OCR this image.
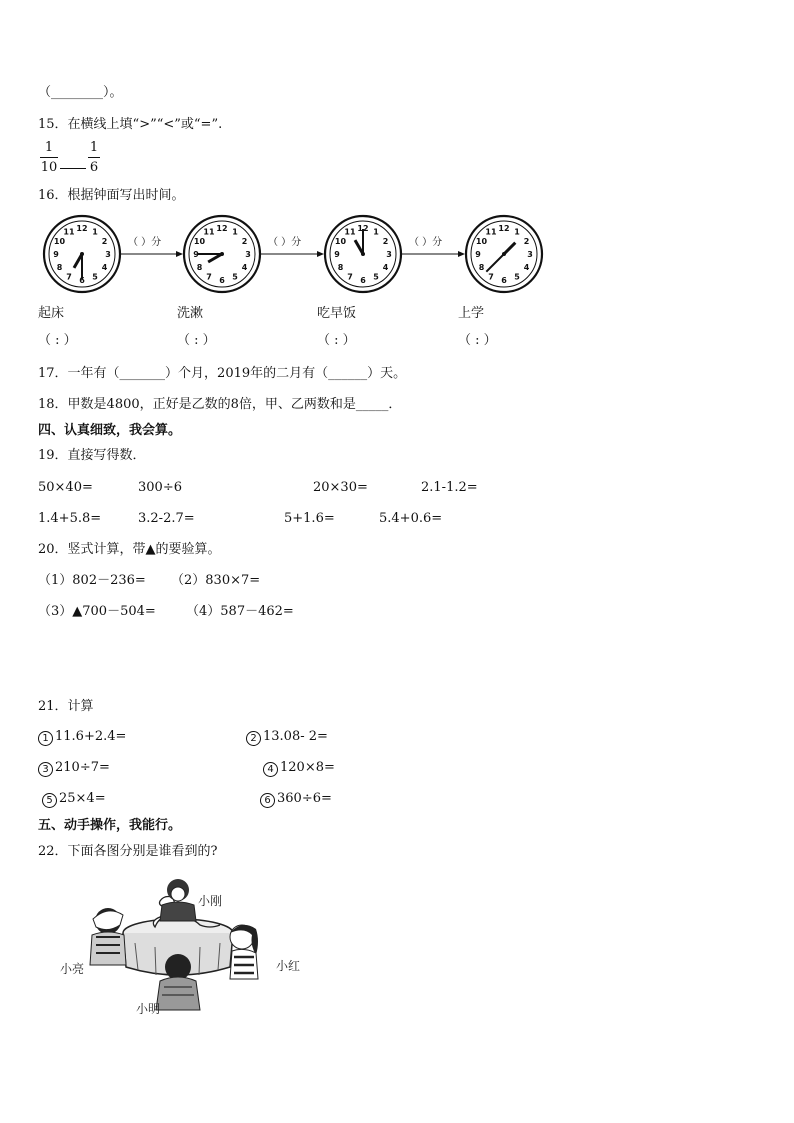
（________）。
15．在横线上填“>”“<”或“=”.
1
10
1
6
16．根据钟面写出时间。
12 1
2
3
4
5
6
7
8
9
10
11	12 1
2
3
4
5
6
7
8
9
10
11	12 1
2
3
4
5
6
7
8
9
10
11	12 1
2
3
4
5
6
7
8
9
10
11
（ ）分	（ ）分	（ ）分
起床	洗漱	吃早饭	上学
（ : ）	（ : ）	（ : ）	（ : ）
17．一年有（_______）个月，2019年的二月有（______）天。
18．甲数是4800，正好是乙数的8倍，甲、乙两数和是_____．
四、认真细致，我会算。
19．直接写得数．
50×40=	300÷6	20×30=	2.1-1.2=
1.4+5.8=	3.2-2.7=	5+1.6=	5.4+0.6=
20．竖式计算，带▲的要验算。
（1）802－236= （2）830×7=
（3）▲700－504= （4）587－462=
21．计算
1 11.6+2.4=	2 13.08- 2=
3 210÷7=	4 120×8=
5 25×4=	6 360÷6=
五、动手操作，我能行。
22．下面各图分别是谁看到的?
小刚
小亮	小红
小明
